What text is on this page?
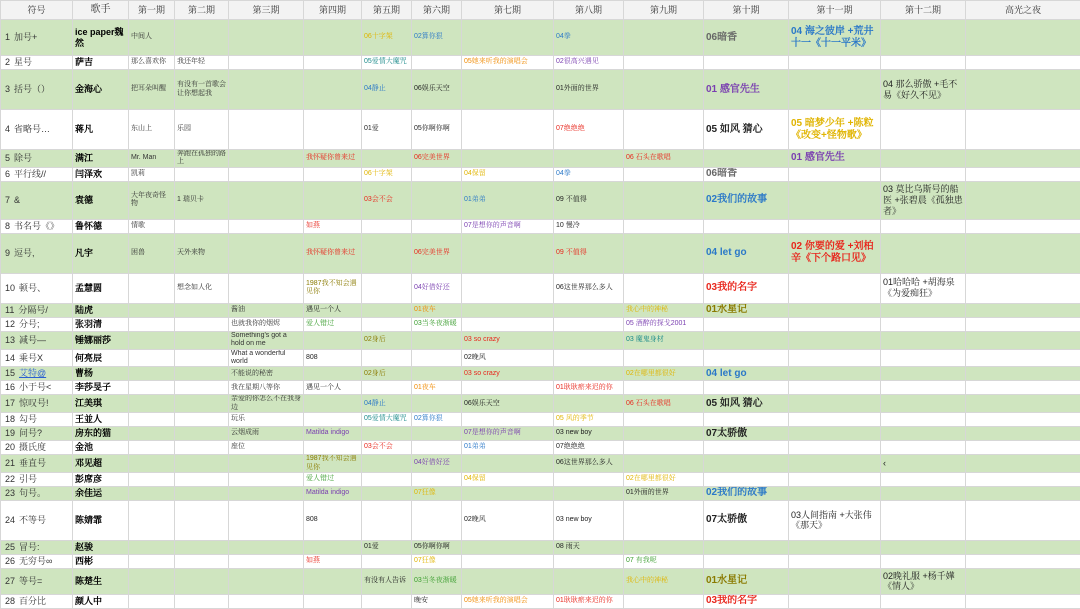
符号	歌手	第一期	第二期	第三期	第四期	第五期	第六期	第七期	第八期	第九期	第十期	第十一期	第十二期	高光之夜
1 加号+	ice paper魏然	中间人				06十字架	02算你狠		04拳		06暗香	04 海之彼岸 +荒井十一《十一平米》		
2 星号	萨吉	那么喜欢你	我还年轻			05爱情大魔咒		05她来听我的演唱会	02很高兴遇见					
3 括号（）	金海心	把耳朵叫醒	有没有一首歌会让你想起我			04静止	06娱乐天空		01外面的世界		01 感官先生		04 那么骄傲 +毛不易《好久不见》	
4 省略号…	蒋凡	东山上	乐园			01爱	05你啊你啊		07绝绝绝		05 如风 猜心	05 暗梦少年 +陈粒《改变+怪物歌》		
5 除号	满江	Mr. Man	奔跑在孤独的路上		我怀疑你曾来过		06完美世界			06 石头在歌唱		01 感官先生		
6 平行线//	闫泽欢	凯莉				06十字架		04保留	04拳		06暗香			
7 &	袁德	大年夜奇怪物	1 瑞贝卡			03会不会		01弟弟	09 不值得		02我们的故事		03 莫比乌斯号的船医 +张碧晨《孤独患者》	
8 书名号《》	鲁怀德	情歌			如燕			07是想你的声音啊	10 慢冷					
9 逗号,	凡宇	困兽	天外来物		我怀疑你曾来过		06完美世界		09 不值得		04 let go	02 你要的爱 +刘柏辛《下个路口见》		
10 顿号、	孟慧圆		想念如人化		1987我不知会遇见你		04好借好还		06这世界那么多人		03我的名字		01哈哈哈 +胡海泉《为爱痴狂》	
11 分隔号/	陆虎			酱油	遇见一个人		01夜车			我心中的神秘	01水星记			
12 分号;	张羽清			也就我你的烟烬	爱人错过		03当冬夜渐暖			05 酒醉的探戈2001				
13 减号—	锤娜丽莎			Something's got a hold on me		02身后		03 so crazy		03 魔鬼身材				
14 乘号X	何亮辰			What a wonderful world	808			02晚风						
15 艾特@	曹杨			不能说的秘密		02身后		03 so crazy		02在哪里都很好	04 let go			
16 小于号<	李莎旻子			我在星期八等你	遇见一个人		01夜车		01耿耿瘀来迟的你					
17 惊叹号!	江美琪			亲爱的你怎么不在我身边		04静止		06娱乐天空		06 石头在歌唱	05 如风 猜心			
18 勾号	王並人			玩乐		05爱情大魔咒	02算你狠		05 风的季节					
19 问号?	房东的猫			云烟成雨	Matilda indigo			07是想你的声音啊	03 new boy		07太骄傲			
20 摄氏度	金池			座位		03会不会		01弟弟	07绝绝绝					
21 垂直号	邓见超				1987我不知会遇见你		04好借好还		06这世界那么多人				‹	
22 引号	彭席彦				爱人错过			04保留		02在哪里都很好				
23 句号。	余佳运				Matilda indigo		07狂像			01外面的世界	02我们的故事			
24 不等号	陈婧霏				808			02晚风	03 new boy		07太骄傲	03人间指南 +大张伟《那天》		
25 冒号:	赵骏					01爱	05你啊你啊		08 雨天					
26 无穷号∞	西彬				如燕		07狂像			07 有我呢				
27 等号=	陈楚生					有没有人告诉	03当冬夜渐暖			我心中的神秘	01水星记		02晚礼服 +杨千嬅《情人》	
28 百分比	颜人中						晚安	05她来听我的演唱会	01耿耿瘀来迟的你		03我的名字			
